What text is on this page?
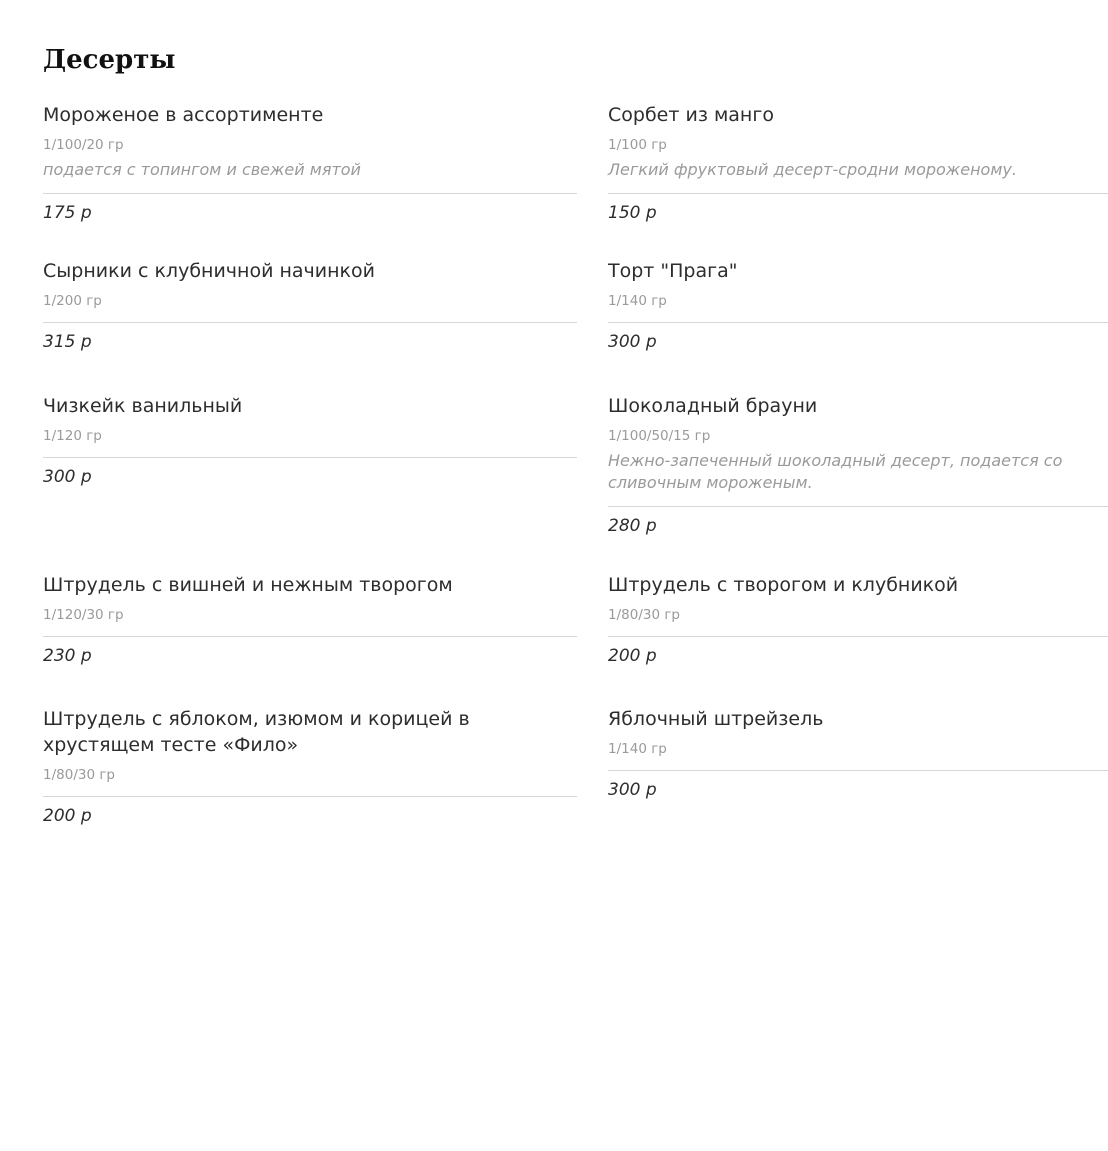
Десерты
Мороженое в ассортименте
1/100/20 гр
подается с топингом и свежей мятой
175 р
Сорбет из манго
1/100 гр
Легкий фруктовый десерт-сродни мороженому.
150 р
Сырники с клубничной начинкой
1/200 гр
315 р
Торт "Прага"
1/140 гр
300 р
Чизкейк ванильный
1/120 гр
300 р
Шоколадный брауни
1/100/50/15 гр
Нежно-запеченный шоколадный десерт, подается со сливочным мороженым.
280 р
Штрудель с вишней и нежным творогом
1/120/30 гр
230 р
Штрудель с творогом и клубникой
1/80/30 гр
200 р
Штрудель с яблоком, изюмом и корицей в хрустящем тесте «Фило»
1/80/30 гр
200 р
Яблочный штрейзель
1/140 гр
300 р
